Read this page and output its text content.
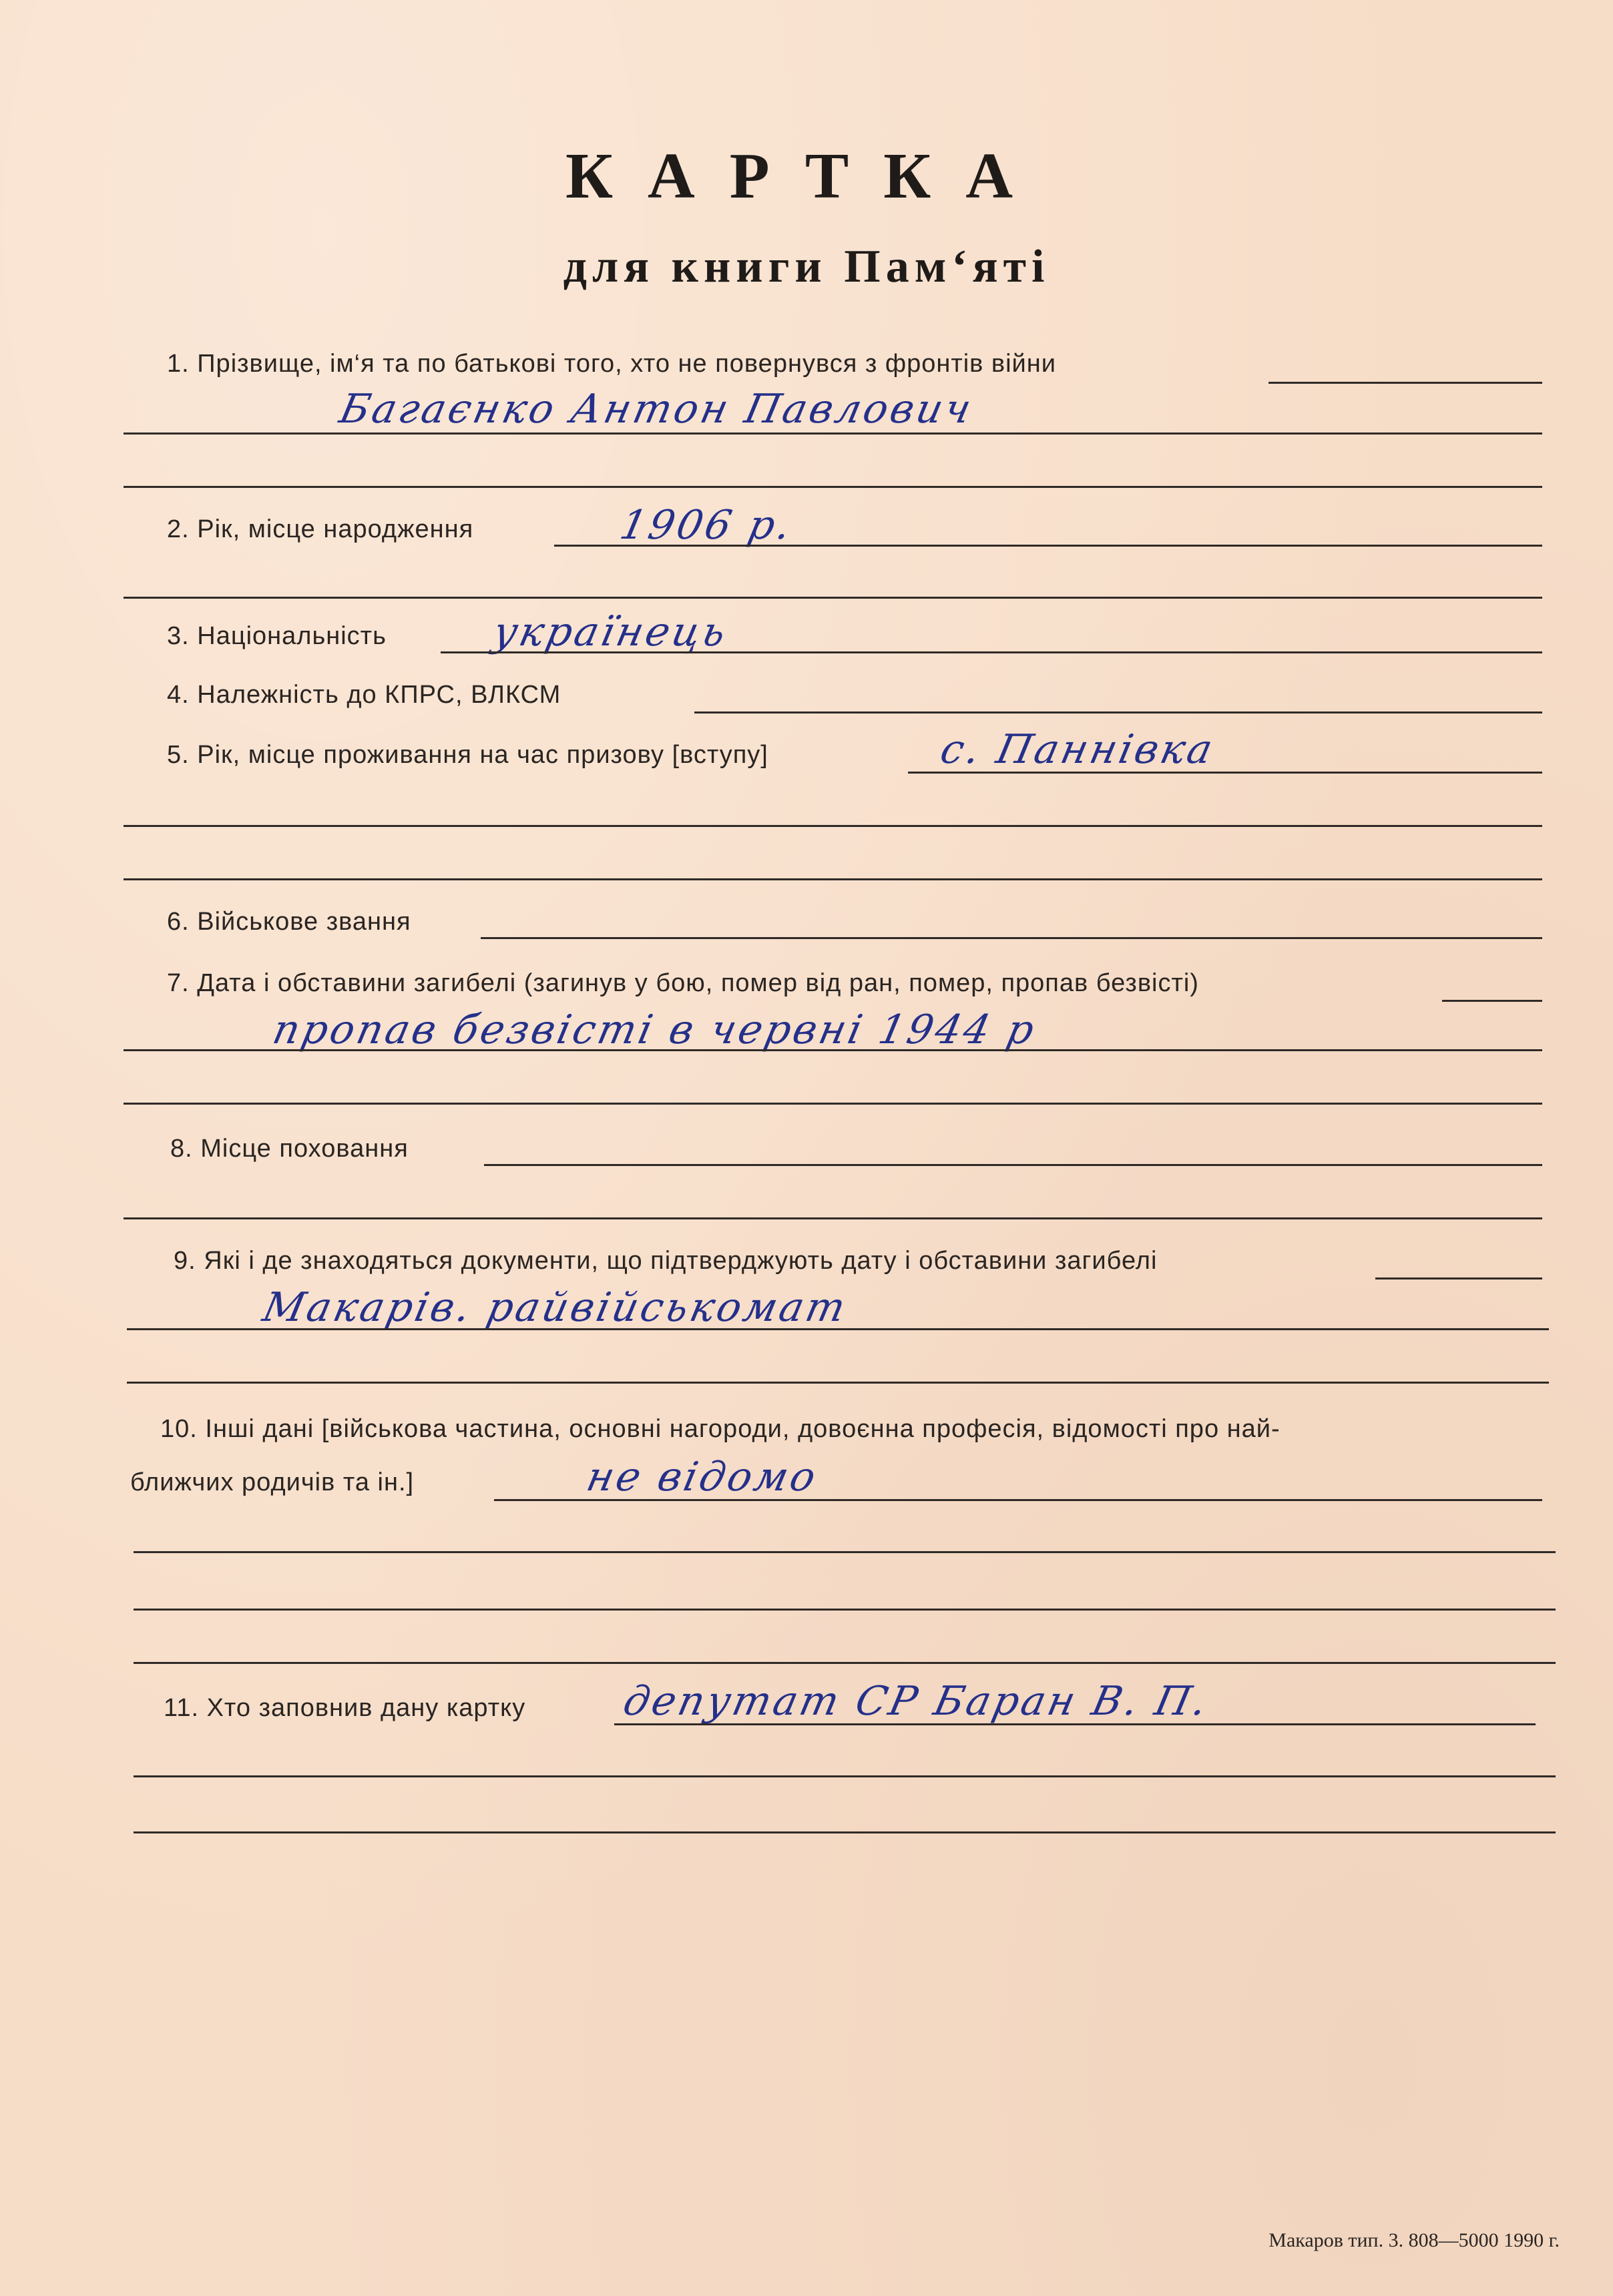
КАРТКА
для книги Пам‘яті
1. Прізвище, ім‘я та по батькові того, хто не повернувся з фронтів війни
Багаєнко Антон Павлович
2. Рік, місце народження	1906 р.
3. Національність	українець
4. Належність до КПРС, ВЛКСМ
5. Рік, місце проживання на час призову [вступу]	с. Паннівка
6. Військове звання
7. Дата і обставини загибелі (загинув у бою, помер від ран, помер, пропав безвісті)
пропав безвісті в червні 1944 р
8. Місце поховання
9. Які і де знаходяться документи, що підтверджують дату і обставини загибелі
Макарів. райвійськомат
10. Інші дані [військова частина, основні нагороди, довоєнна професія, відомості про най-
ближчих родичів та ін.]	не відомо
11. Хто заповнив дану картку депутат СР Баран В. П.
Макаров тип. 3. 808—5000 1990 г.
